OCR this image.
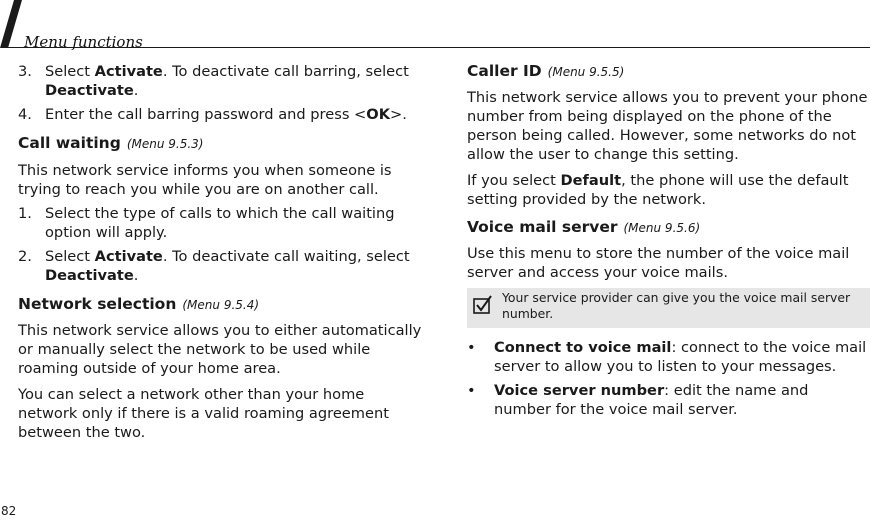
Menu functions

3. Select Activate. To deactivate call barring, select Deactivate.

4. Enter the call barring password and press <OK>.

Call waiting (Menu 9.5.3)

This network service informs you when someone is trying to reach you while you are on another call.

1. Select the type of calls to which the call waiting option will apply.

2. Select Activate. To deactivate call waiting, select Deactivate.

Network selection (Menu 9.5.4)

This network service allows you to either automatically or manually select the network to be used while roaming outside of your home area.

You can select a network other than your home network only if there is a valid roaming agreement between the two.

Caller ID (Menu 9.5.5)

This network service allows you to prevent your phone number from being displayed on the phone of the person being called. However, some networks do not allow the user to change this setting.

If you select Default, the phone will use the default setting provided by the network.

Voice mail server (Menu 9.5.6)

Use this menu to store the number of the voice mail server and access your voice mails.

Your service provider can give you the voice mail server number.

• Connect to voice mail: connect to the voice mail server to allow you to listen to your messages.

• Voice server number: edit the name and number for the voice mail server.

82
